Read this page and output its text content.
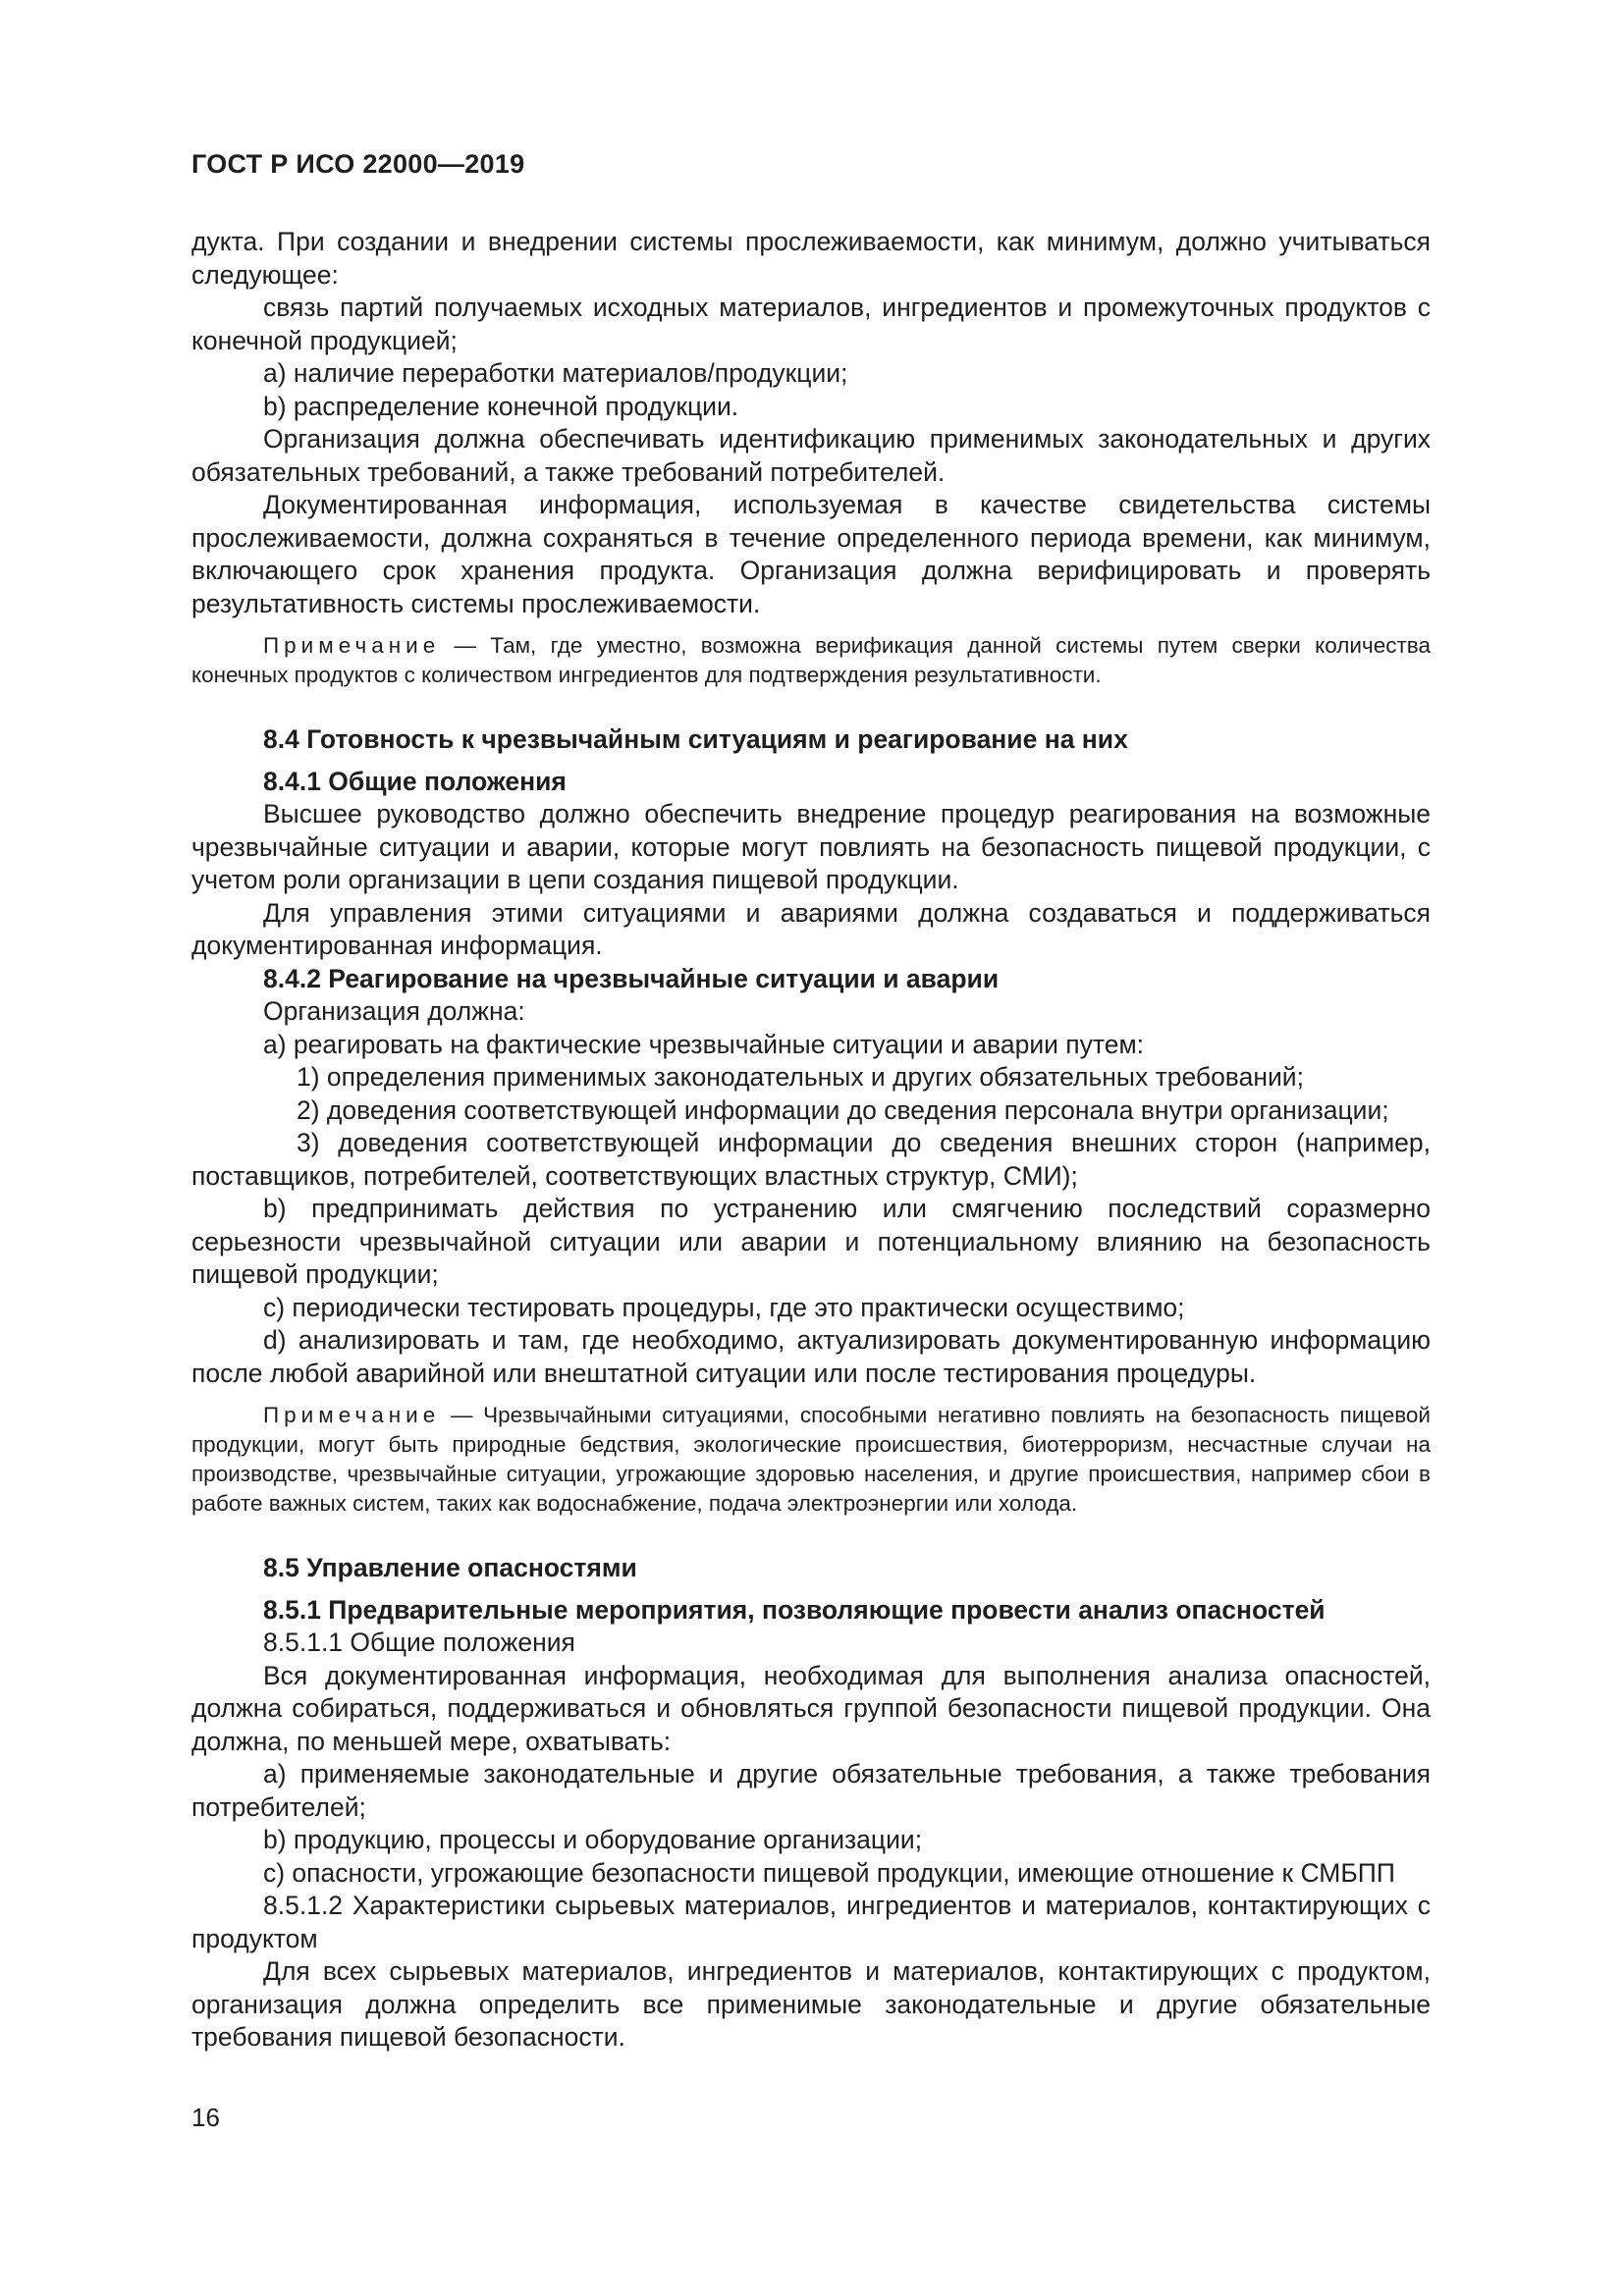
ГОСТ Р ИСО 22000—2019

дукта. При создании и внедрении системы прослеживаемости, как минимум, должно учитываться следующее:

связь партий получаемых исходных материалов, ингредиентов и промежуточных продуктов с конечной продукцией;

a) наличие переработки материалов/продукции;

b) распределение конечной продукции.

Организация должна обеспечивать идентификацию применимых законодательных и других обязательных требований, а также требований потребителей.

Документированная информация, используемая в качестве свидетельства системы прослеживаемости, должна сохраняться в течение определенного периода времени, как минимум, включающего срок хранения продукта. Организация должна верифицировать и проверять результативность системы прослеживаемости.

Примечание — Там, где уместно, возможна верификация данной системы путем сверки количества конечных продуктов с количеством ингредиентов для подтверждения результативности.

8.4 Готовность к чрезвычайным ситуациям и реагирование на них

8.4.1 Общие положения

Высшее руководство должно обеспечить внедрение процедур реагирования на возможные чрезвычайные ситуации и аварии, которые могут повлиять на безопасность пищевой продукции, с учетом роли организации в цепи создания пищевой продукции.

Для управления этими ситуациями и авариями должна создаваться и поддерживаться документированная информация.

8.4.2 Реагирование на чрезвычайные ситуации и аварии

Организация должна:

a) реагировать на фактические чрезвычайные ситуации и аварии путем:

1) определения применимых законодательных и других обязательных требований;

2) доведения соответствующей информации до сведения персонала внутри организации;

3) доведения соответствующей информации до сведения внешних сторон (например, поставщиков, потребителей, соответствующих властных структур, СМИ);

b) предпринимать действия по устранению или смягчению последствий соразмерно серьезности чрезвычайной ситуации или аварии и потенциальному влиянию на безопасность пищевой продукции;

c) периодически тестировать процедуры, где это практически осуществимо;

d) анализировать и там, где необходимо, актуализировать документированную информацию после любой аварийной или внештатной ситуации или после тестирования процедуры.

Примечание — Чрезвычайными ситуациями, способными негативно повлиять на безопасность пищевой продукции, могут быть природные бедствия, экологические происшествия, биотерроризм, несчастные случаи на производстве, чрезвычайные ситуации, угрожающие здоровью населения, и другие происшествия, например сбои в работе важных систем, таких как водоснабжение, подача электроэнергии или холода.

8.5 Управление опасностями

8.5.1 Предварительные мероприятия, позволяющие провести анализ опасностей

8.5.1.1 Общие положения

Вся документированная информация, необходимая для выполнения анализа опасностей, должна собираться, поддерживаться и обновляться группой безопасности пищевой продукции. Она должна, по меньшей мере, охватывать:

a) применяемые законодательные и другие обязательные требования, а также требования потребителей;

b) продукцию, процессы и оборудование организации;

c) опасности, угрожающие безопасности пищевой продукции, имеющие отношение к СМБПП

8.5.1.2 Характеристики сырьевых материалов, ингредиентов и материалов, контактирующих с продуктом

Для всех сырьевых материалов, ингредиентов и материалов, контактирующих с продуктом, организация должна определить все применимые законодательные и другие обязательные требования пищевой безопасности.

16
